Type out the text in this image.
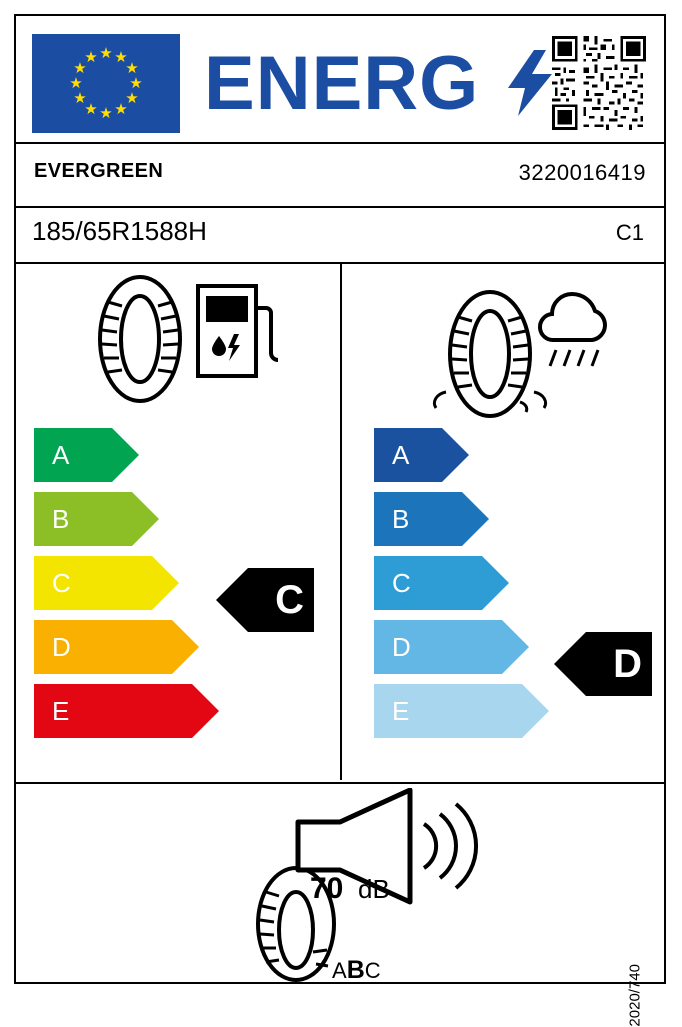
★ ★
★
★
★
★
★
★
★
★
★
★ ENERG
EVERGREEN	3220016419
185/65R1588H	C1
A
B
C
D
E
C
A
B
C
D
E
D
70 dB
ABC	2020/740
